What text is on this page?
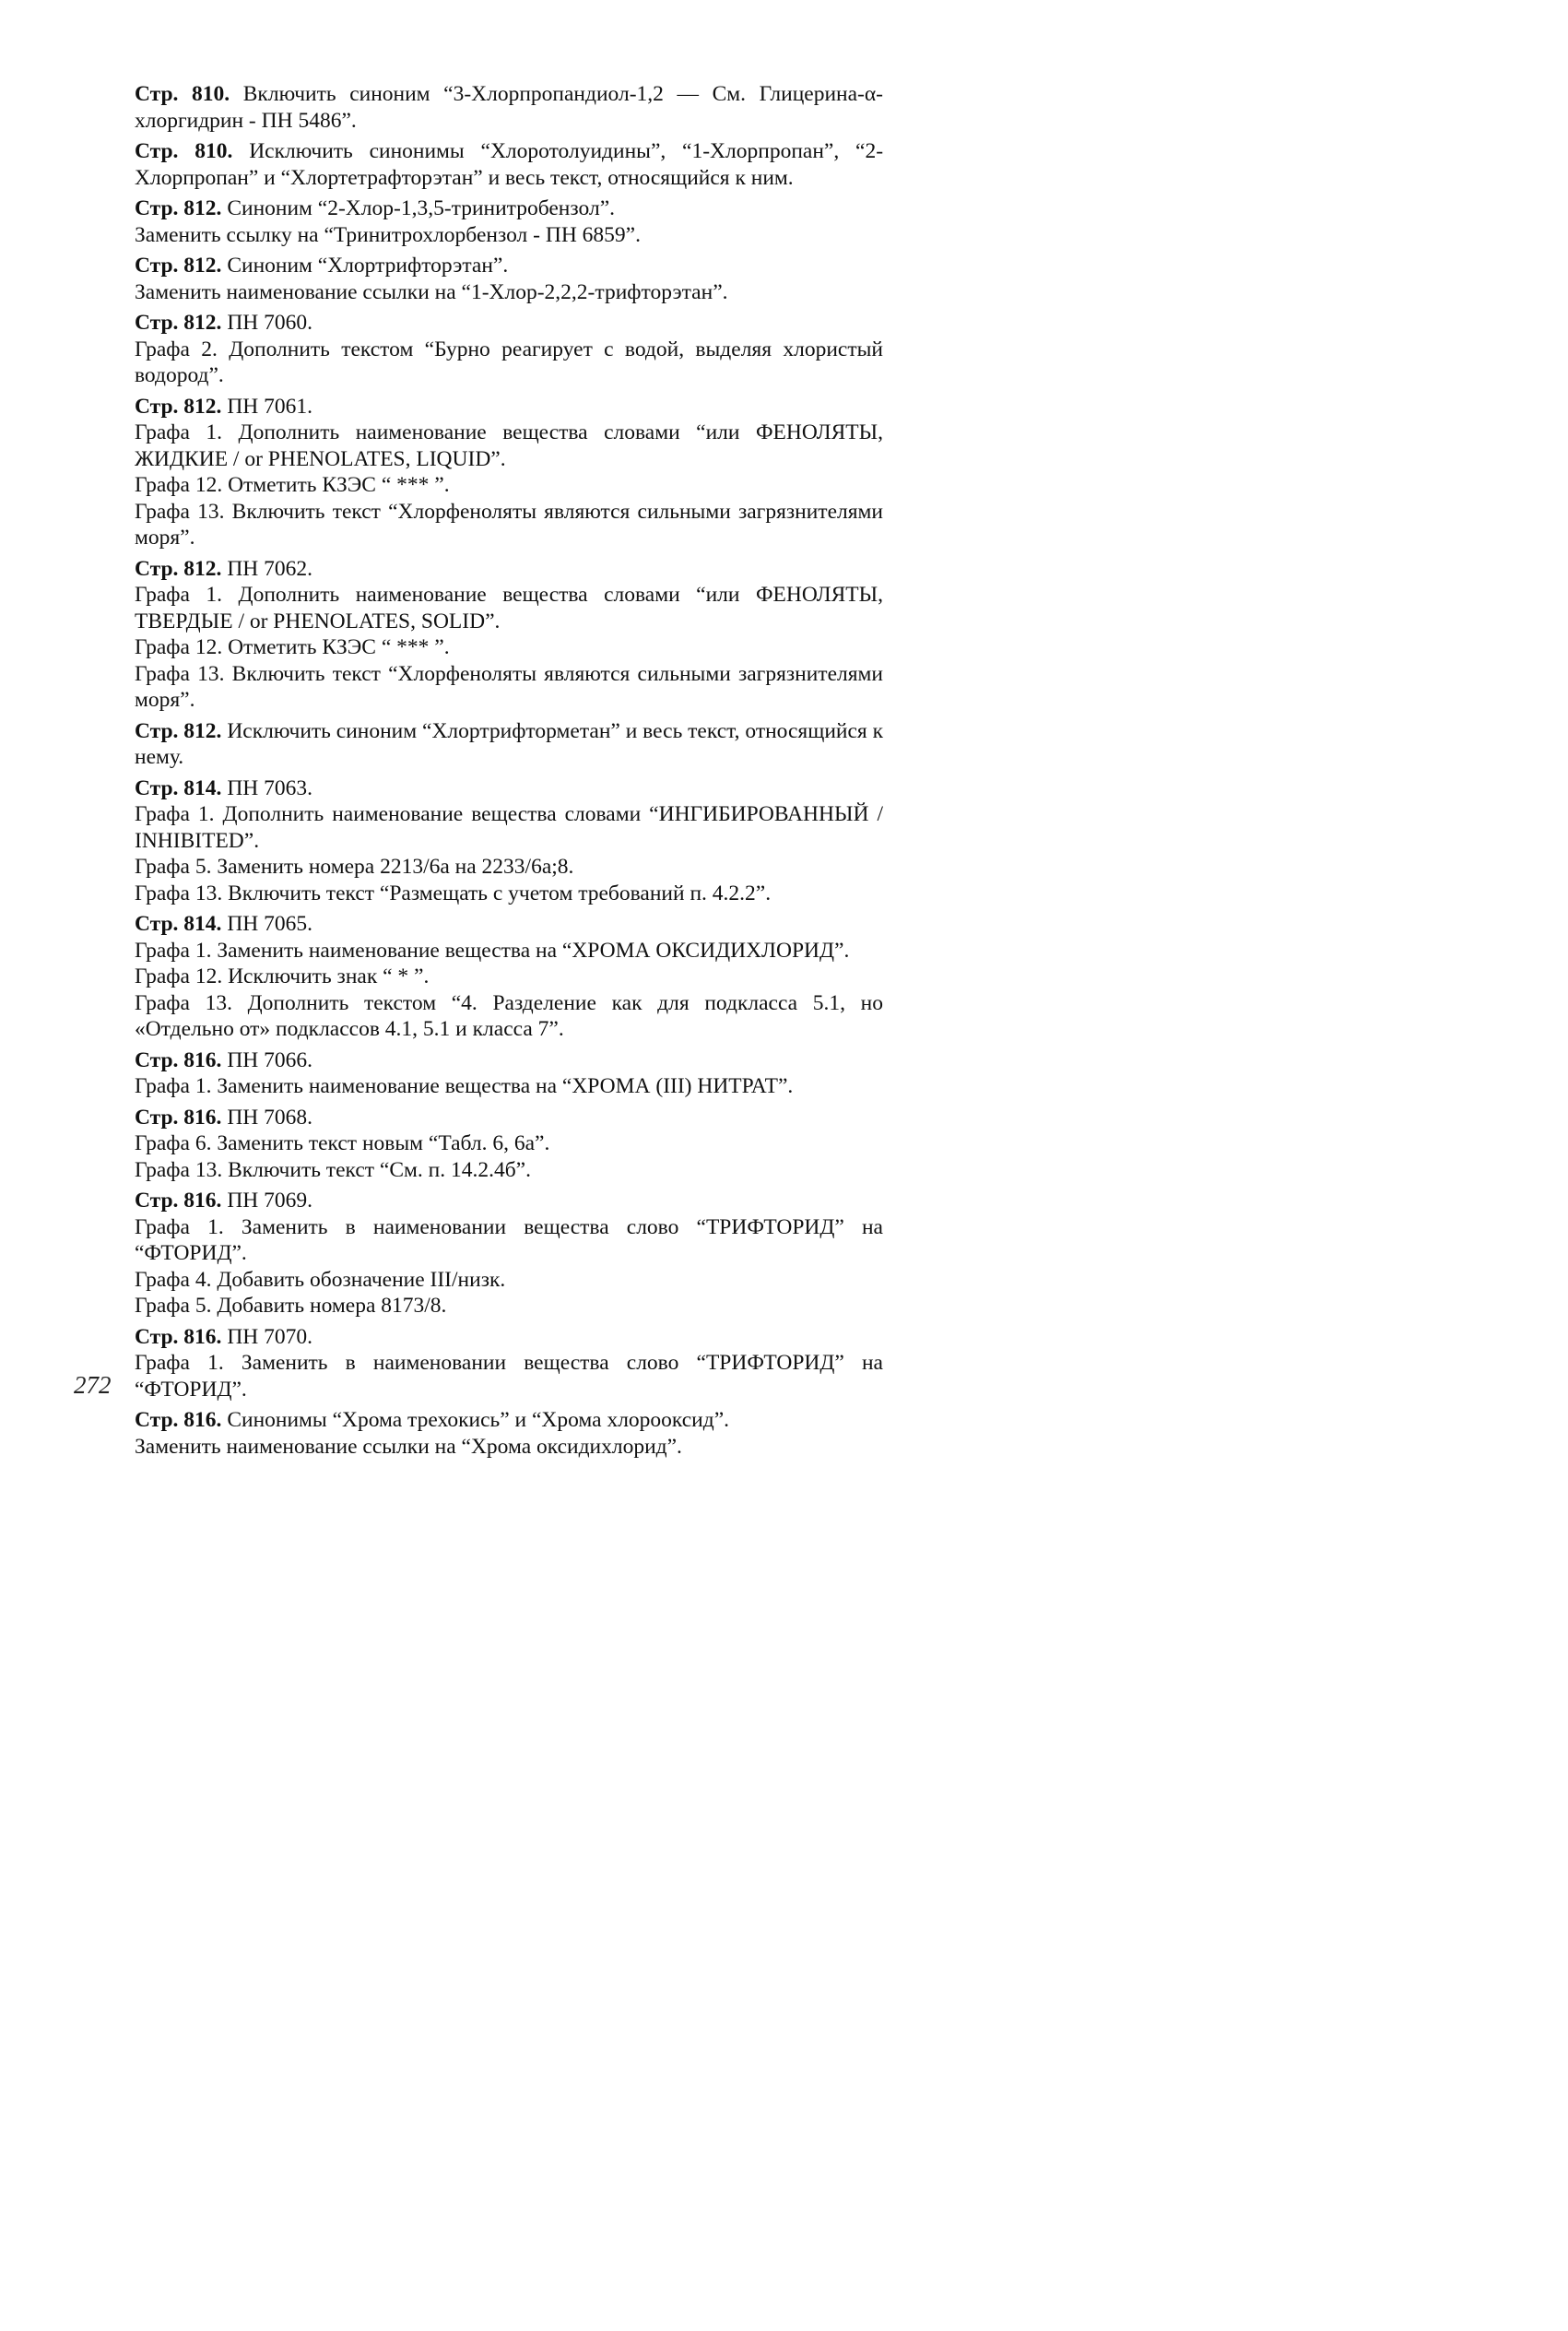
Стр. 810. Включить синоним “3-Хлорпропандиол-1,2 — См. Глицерина-α-хлоргидрин - ПН 5486”.

Стр. 810. Исключить синонимы “Хлоротолуидины”, “1-Хлорпропан”, “2-Хлорпропан” и “Хлортетрафторэтан” и весь текст, относящийся к ним.

Стр. 812. Синоним “2-Хлор-1,3,5-тринитробензол”.

Заменить ссылку на “Тринитрохлорбензол - ПН 6859”.

Стр. 812. Синоним “Хлортрифторэтан”.

Заменить наименование ссылки на “1-Хлор-2,2,2-трифторэтан”.

Стр. 812. ПН 7060.

Графа 2. Дополнить текстом “Бурно реагирует с водой, выделяя хлористый водород”.

Стр. 812. ПН 7061.

Графа 1. Дополнить наименование вещества словами “или ФЕНОЛЯТЫ, ЖИДКИЕ / or PHENOLATES, LIQUID”.

Графа 12. Отметить КЗЭС “ *** ”.

Графа 13. Включить текст “Хлорфеноляты являются сильными загрязнителями моря”.

Стр. 812. ПН 7062.

Графа 1. Дополнить наименование вещества словами “или ФЕНОЛЯТЫ, ТВЕРДЫЕ / or PHENOLATES, SOLID”.

Графа 12. Отметить КЗЭС “ *** ”.

Графа 13. Включить текст “Хлорфеноляты являются сильными загрязнителями моря”.

Стр. 812. Исключить синоним “Хлортрифторметан” и весь текст, относящийся к нему.

Стр. 814. ПН 7063.

Графа 1. Дополнить наименование вещества словами “ИНГИБИРОВАННЫЙ / INHIBITED”.

Графа 5. Заменить номера 2213/6а на 2233/6а;8.

Графа 13. Включить текст “Размещать с учетом требований п. 4.2.2”.

Стр. 814. ПН 7065.

Графа 1. Заменить наименование вещества на “ХРОМА ОКСИДИХЛОРИД”.

Графа 12. Исключить знак “ * ”.

Графа 13. Дополнить текстом “4. Разделение как для подкласса 5.1, но «Отдельно от» подклассов 4.1, 5.1 и класса 7”.

Стр. 816. ПН 7066.

Графа 1. Заменить наименование вещества на “ХРОМА (III) НИТРАТ”.

Стр. 816. ПН 7068.

Графа 6. Заменить текст новым “Табл. 6, 6а”.

Графа 13. Включить текст “См. п. 14.2.4б”.

Стр. 816. ПН 7069.

Графа 1. Заменить в наименовании вещества слово “ТРИФТОРИД” на “ФТОРИД”.

Графа 4. Добавить обозначение III/низк.

Графа 5. Добавить номера 8173/8.

Стр. 816. ПН 7070.

Графа 1. Заменить в наименовании вещества слово “ТРИФТОРИД” на “ФТОРИД”.

Стр. 816. Синонимы “Хрома трехокись” и “Хрома хлорооксид”.

Заменить наименование ссылки на “Хрома оксидихлорид”.

272
